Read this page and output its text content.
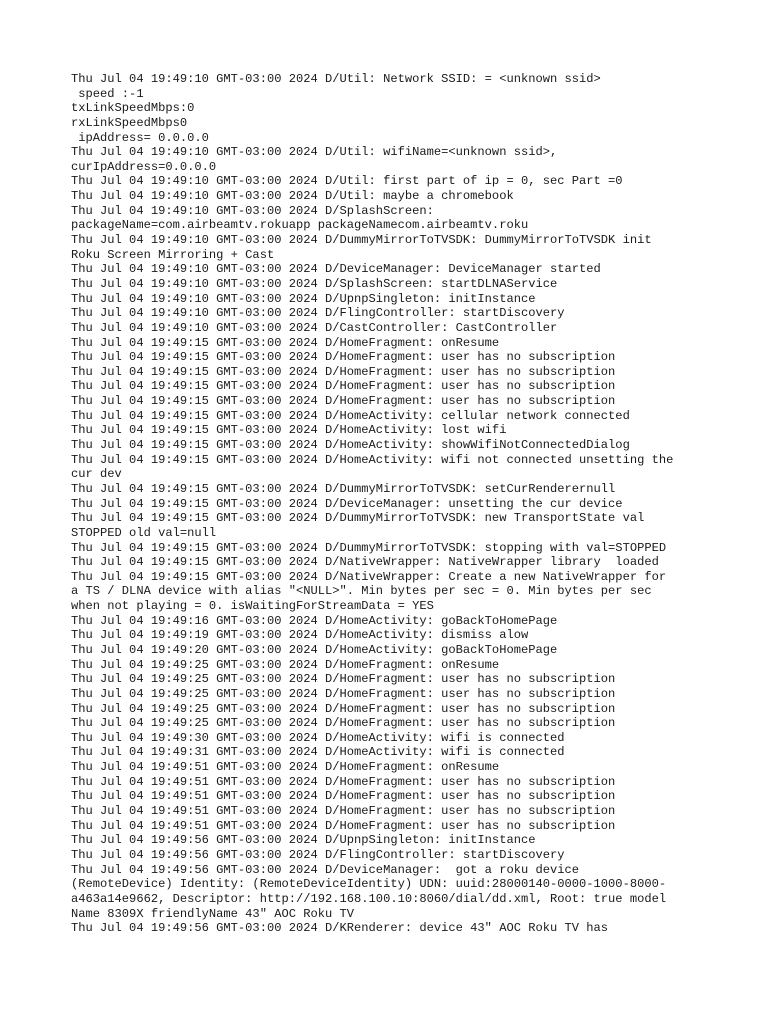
Thu Jul 04 19:49:10 GMT-03:00 2024 D/Util: Network SSID: = <unknown ssid>
speed :-1
txLinkSpeedMbps:0
rxLinkSpeedMbps0
ipAddress= 0.0.0.0
Thu Jul 04 19:49:10 GMT-03:00 2024 D/Util: wifiName=<unknown ssid>,
curIpAddress=0.0.0.0
Thu Jul 04 19:49:10 GMT-03:00 2024 D/Util: first part of ip = 0, sec Part =0
Thu Jul 04 19:49:10 GMT-03:00 2024 D/Util: maybe a chromebook
Thu Jul 04 19:49:10 GMT-03:00 2024 D/SplashScreen:
packageName=com.airbeamtv.rokuapp packageNamecom.airbeamtv.roku
Thu Jul 04 19:49:10 GMT-03:00 2024 D/DummyMirrorToTVSDK: DummyMirrorToTVSDK init
Roku Screen Mirroring + Cast
Thu Jul 04 19:49:10 GMT-03:00 2024 D/DeviceManager: DeviceManager started
Thu Jul 04 19:49:10 GMT-03:00 2024 D/SplashScreen: startDLNAService
Thu Jul 04 19:49:10 GMT-03:00 2024 D/UpnpSingleton: initInstance
Thu Jul 04 19:49:10 GMT-03:00 2024 D/FlingController: startDiscovery
Thu Jul 04 19:49:10 GMT-03:00 2024 D/CastController: CastController
Thu Jul 04 19:49:15 GMT-03:00 2024 D/HomeFragment: onResume
Thu Jul 04 19:49:15 GMT-03:00 2024 D/HomeFragment: user has no subscription
Thu Jul 04 19:49:15 GMT-03:00 2024 D/HomeFragment: user has no subscription
Thu Jul 04 19:49:15 GMT-03:00 2024 D/HomeFragment: user has no subscription
Thu Jul 04 19:49:15 GMT-03:00 2024 D/HomeFragment: user has no subscription
Thu Jul 04 19:49:15 GMT-03:00 2024 D/HomeActivity: cellular network connected
Thu Jul 04 19:49:15 GMT-03:00 2024 D/HomeActivity: lost wifi
Thu Jul 04 19:49:15 GMT-03:00 2024 D/HomeActivity: showWifiNotConnectedDialog
Thu Jul 04 19:49:15 GMT-03:00 2024 D/HomeActivity: wifi not connected unsetting the
cur dev
Thu Jul 04 19:49:15 GMT-03:00 2024 D/DummyMirrorToTVSDK: setCurRenderernull
Thu Jul 04 19:49:15 GMT-03:00 2024 D/DeviceManager: unsetting the cur device
Thu Jul 04 19:49:15 GMT-03:00 2024 D/DummyMirrorToTVSDK: new TransportState val
STOPPED old val=null
Thu Jul 04 19:49:15 GMT-03:00 2024 D/DummyMirrorToTVSDK: stopping with val=STOPPED
Thu Jul 04 19:49:15 GMT-03:00 2024 D/NativeWrapper: NativeWrapper library  loaded
Thu Jul 04 19:49:15 GMT-03:00 2024 D/NativeWrapper: Create a new NativeWrapper for
a TS / DLNA device with alias "<NULL>". Min bytes per sec = 0. Min bytes per sec
when not playing = 0. isWaitingForStreamData = YES
Thu Jul 04 19:49:16 GMT-03:00 2024 D/HomeActivity: goBackToHomePage
Thu Jul 04 19:49:19 GMT-03:00 2024 D/HomeActivity: dismiss alow
Thu Jul 04 19:49:20 GMT-03:00 2024 D/HomeActivity: goBackToHomePage
Thu Jul 04 19:49:25 GMT-03:00 2024 D/HomeFragment: onResume
Thu Jul 04 19:49:25 GMT-03:00 2024 D/HomeFragment: user has no subscription
Thu Jul 04 19:49:25 GMT-03:00 2024 D/HomeFragment: user has no subscription
Thu Jul 04 19:49:25 GMT-03:00 2024 D/HomeFragment: user has no subscription
Thu Jul 04 19:49:25 GMT-03:00 2024 D/HomeFragment: user has no subscription
Thu Jul 04 19:49:30 GMT-03:00 2024 D/HomeActivity: wifi is connected
Thu Jul 04 19:49:31 GMT-03:00 2024 D/HomeActivity: wifi is connected
Thu Jul 04 19:49:51 GMT-03:00 2024 D/HomeFragment: onResume
Thu Jul 04 19:49:51 GMT-03:00 2024 D/HomeFragment: user has no subscription
Thu Jul 04 19:49:51 GMT-03:00 2024 D/HomeFragment: user has no subscription
Thu Jul 04 19:49:51 GMT-03:00 2024 D/HomeFragment: user has no subscription
Thu Jul 04 19:49:51 GMT-03:00 2024 D/HomeFragment: user has no subscription
Thu Jul 04 19:49:56 GMT-03:00 2024 D/UpnpSingleton: initInstance
Thu Jul 04 19:49:56 GMT-03:00 2024 D/FlingController: startDiscovery
Thu Jul 04 19:49:56 GMT-03:00 2024 D/DeviceManager:  got a roku device
(RemoteDevice) Identity: (RemoteDeviceIdentity) UDN: uuid:28000140-0000-1000-8000-
a463a14e9662, Descriptor: http://192.168.100.10:8060/dial/dd.xml, Root: true model
Name 8309X friendlyName 43" AOC Roku TV
Thu Jul 04 19:49:56 GMT-03:00 2024 D/KRenderer: device 43" AOC Roku TV has
